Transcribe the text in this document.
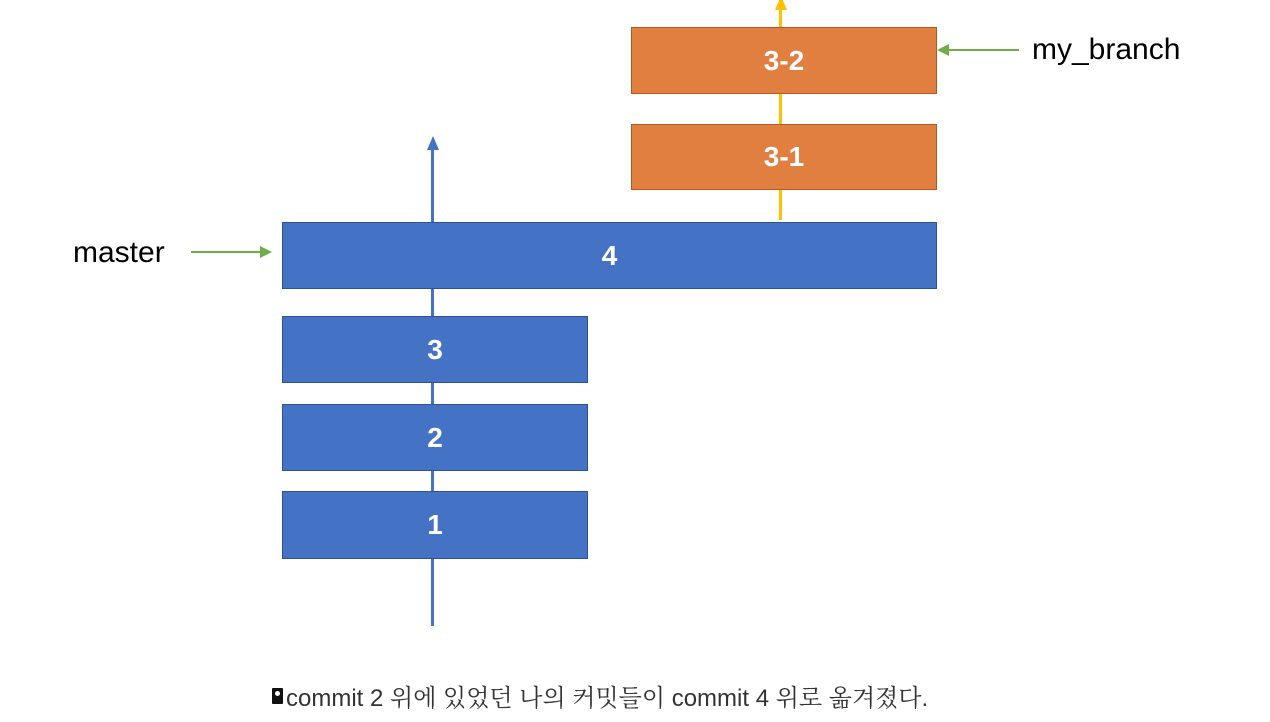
1
2
3
4
3-1
3-2
master
my_branch
commit 2 위에 있었던 나의 커밋들이 commit 4 위로 옮겨졌다.
